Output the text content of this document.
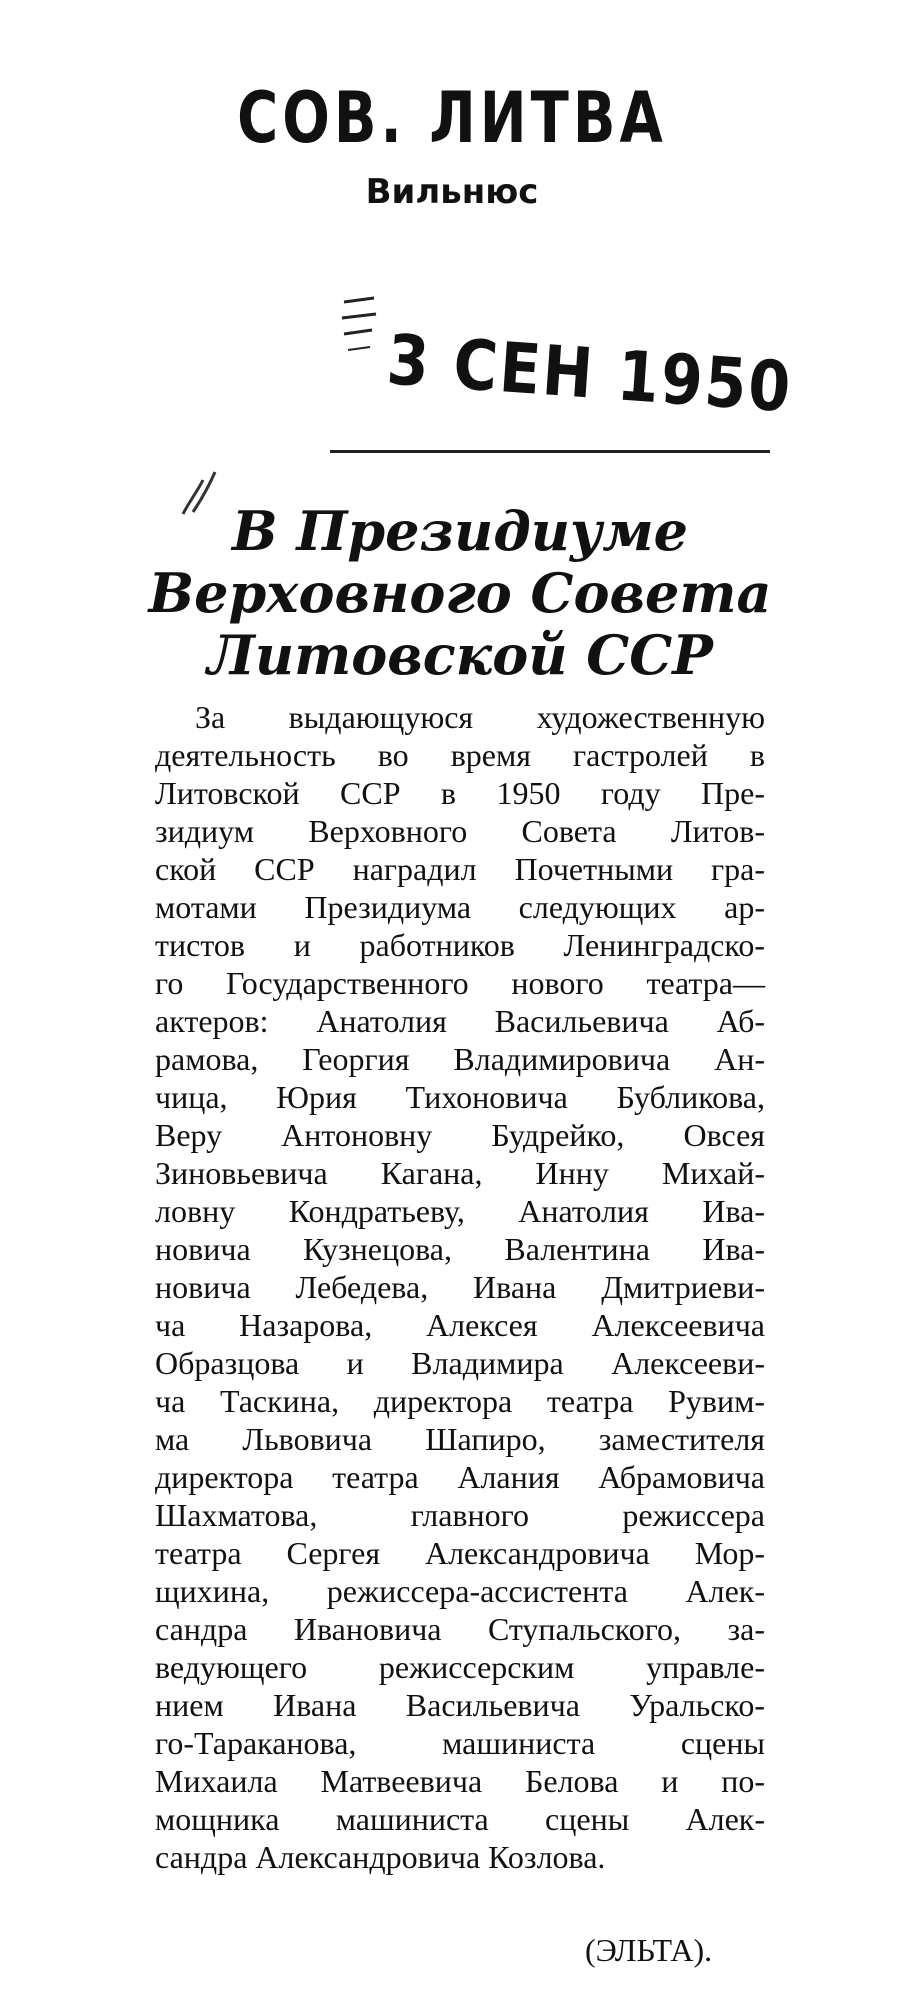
СОВ. ЛИТВА
Вильнюс
3 СЕН 1950
В Президиуме
Верховного Совета
Литовской ССР
За выдающуюся художественную
деятельность во время гастролей в
Литовской ССР в 1950 году Пре-
зидиум Верховного Совета Литов-
ской ССР наградил Почетными гра-
мотами Президиума следующих ар-
тистов и работников Ленинградско-
го Государственного нового театра—
актеров: Анатолия Васильевича Аб-
рамова, Георгия Владимировича Ан-
чица, Юрия Тихоновича Бубликова,
Веру Антоновну Будрейко, Овсея
Зиновьевича Кагана, Инну Михай-
ловну Кондратьеву, Анатолия Ива-
новича Кузнецова, Валентина Ива-
новича Лебедева, Ивана Дмитриеви-
ча Назарова, Алексея Алексеевича
Образцова и Владимира Алексееви-
ча Таскина, директора театра Рувим-
ма Львовича Шапиро, заместителя
директора театра Алания Абрамовича
Шахматова, главного режиссера
театра Сергея Александровича Мор-
щихина, режиссера-ассистента Алек-
сандра Ивановича Ступальского, за-
ведующего режиссерским управле-
нием Ивана Васильевича Уральско-
го-Тараканова, машиниста сцены
Михаила Матвеевича Белова и по-
мощника машиниста сцены Алек-
сандра Александровича Козлова.
(ЭЛЬТА).
